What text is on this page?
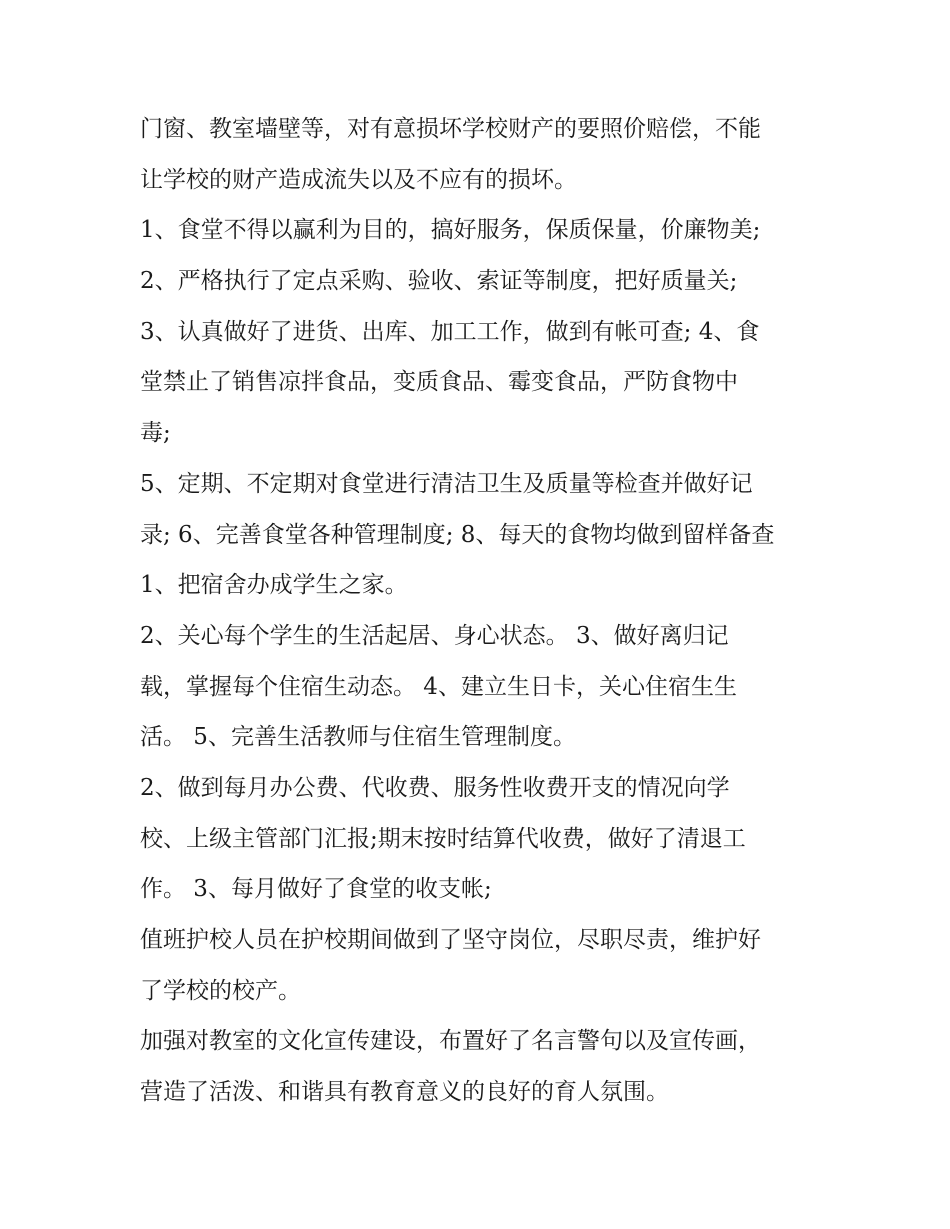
门窗、教室墙壁等，对有意损坏学校财产的要照价赔偿，不能

让学校的财产造成流失以及不应有的损坏。

1、食堂不得以赢利为目的，搞好服务，保质保量，价廉物美;

2、严格执行了定点采购、验收、索证等制度，把好质量关;

3、认真做好了进货、出库、加工工作，做到有帐可查; 4、食

堂禁止了销售凉拌食品，变质食品、霉变食品，严防食物中

毒;

5、定期、不定期对食堂进行清洁卫生及质量等检查并做好记

录; 6、完善食堂各种管理制度; 8、每天的食物均做到留样备查

1、把宿舍办成学生之家。

2、关心每个学生的生活起居、身心状态。 3、做好离归记

载，掌握每个住宿生动态。 4、建立生日卡，关心住宿生生

活。 5、完善生活教师与住宿生管理制度。

2、做到每月办公费、代收费、服务性收费开支的情况向学

校、上级主管部门汇报;期末按时结算代收费，做好了清退工

作。 3、每月做好了食堂的收支帐;

值班护校人员在护校期间做到了坚守岗位，尽职尽责，维护好

了学校的校产。

加强对教室的文化宣传建设，布置好了名言警句以及宣传画，

营造了活泼、和谐具有教育意义的良好的育人氛围。
